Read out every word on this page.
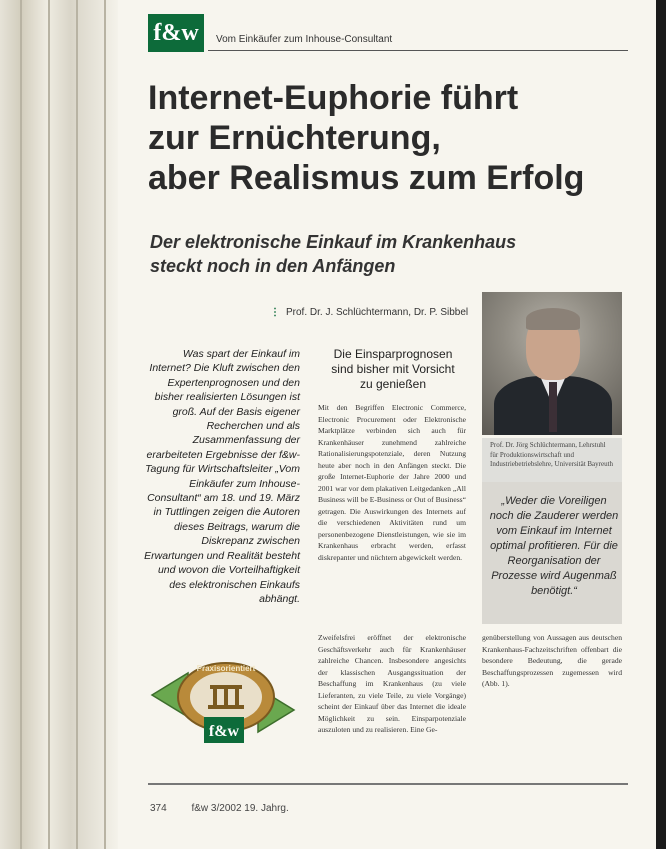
f&w	Vom Einkäufer zum Inhouse-Consultant
Internet-Euphorie führt
zur Ernüchterung,
aber Realismus zum Erfolg
Der elektronische Einkauf im Krankenhaus
steckt noch in den Anfängen
⋮ Prof. Dr. J. Schlüchtermann, Dr. P. Sibbel
Was spart der Einkauf im Internet? Die Kluft zwischen den Expertenprognosen und den bisher realisierten Lösungen ist groß. Auf der Basis eigener Recherchen und als Zusammenfassung der erarbeiteten Ergebnisse der f&w-Tagung für Wirtschaftsleiter „Vom Einkäufer zum Inhouse-Consultant“ am 18. und 19. März in Tuttlingen zeigen die Autoren dieses Beitrags, warum die Diskrepanz zwischen Erwartungen und Realität besteht und wovon die Vorteilhaftigkeit des elektronischen Einkaufs abhängt.
Die Einsparprognosen
sind bisher mit Vorsicht
zu genießen

Mit den Begriffen Electronic Commerce, Electronic Procurement oder Elektronische Marktplätze verbinden sich auch für Krankenhäuser zunehmend zahlreiche Rationalisierungspotenziale, deren Nutzung heute aber noch in den Anfängen steckt. Die große Internet-Euphorie der Jahre 2000 und 2001 war vor dem plakativen Leitgedanken „All Business will be E-Business or Out of Business“ getragen. Die Auswirkungen des Internets auf die verschiedenen Aktivitäten rund um personenbezogene Dienstleistungen, wie sie im Krankenhaus erbracht werden, erfasst diskrepanter und nüchtern abgewickelt werden.

Zweifelsfrei eröffnet der elektronische Geschäftsverkehr auch für Krankenhäuser zahlreiche Chancen. Insbesondere angesichts der klassischen Ausgangssituation der Beschaffung im Krankenhaus (zu viele Lieferanten, zu viele Teile, zu viele Vorgänge) scheint der Einkauf über das Internet die ideale Möglichkeit zu sein. Einsparpotenziale auszuloten und zu realisieren. Eine Ge-

genüberstellung von Aussagen aus deutschen Krankenhaus-Fachzeitschriften offenbart die besondere Bedeutung, die gerade Beschaffungsprozessen zugemessen wird (Abb. 1).

Prof. Dr. Jörg Schlüchtermann, Lehrstuhl für Produktionswirtschaft und Industriebetriebslehre, Universität Bayreuth
„Weder die Voreiligen noch die Zauderer werden vom Einkauf im Internet optimal profitieren. Für die Reorganisation der Prozesse wird Augenmaß benötigt.“
Praxisorientiert
f&w
374 f&w 3/2002 19. Jahrg.
